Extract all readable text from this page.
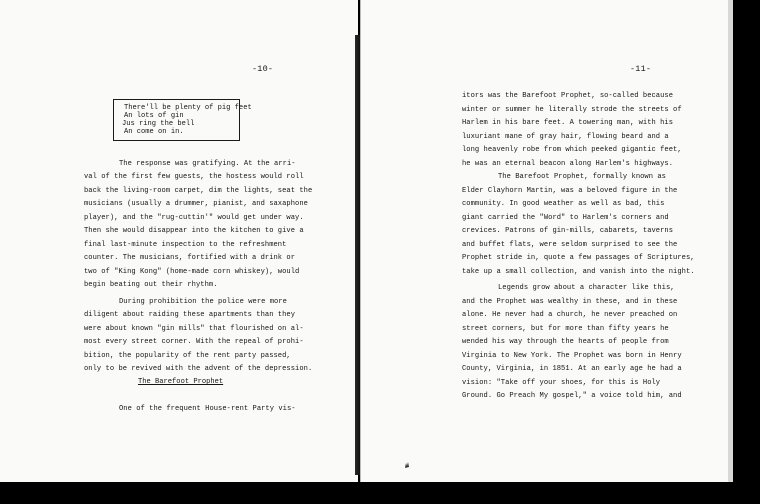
-10-
There'll be plenty of pig feet
An lots of gin
Jus ring the bell
An come on in.
The response was gratifying. At the arri-
val of the first few guests, the hostess would roll
back the living-room carpet, dim the lights, seat the
musicians (usually a drummer, pianist, and saxaphone
player), and the "rug-cuttin'" would get under way.
Then she would disappear into the kitchen to give a
final last-minute inspection to the refreshment
counter. The musicians, fortified with a drink or
two of "King Kong" (home-made corn whiskey), would
begin beating out their rhythm.
During prohibition the police were more
diligent about raiding these apartments than they
were about known "gin mills" that flourished on al-
most every street corner. With the repeal of prohi-
bition, the popularity of the rent party passed,
only to be revived with the advent of the depression.
The Barefoot Prophet
One of the frequent House-rent Party vis-
-11-
itors was the Barefoot Prophet, so-called because
winter or summer he literally strode the streets of
Harlem in his bare feet. A towering man, with his
luxuriant mane of gray hair, flowing beard and a
long heavenly robe from which peeked gigantic feet,
he was an eternal beacon along Harlem's highways.
The Barefoot Prophet, formally known as
Elder Clayhorn Martin, was a beloved figure in the
community. In good weather as well as bad, this
giant carried the "Word" to Harlem's corners and
crevices. Patrons of gin-mills, cabarets, taverns
and buffet flats, were seldom surprised to see the
Prophet stride in, quote a few passages of Scriptures,
take up a small collection, and vanish into the night.
Legends grow about a character like this,
and the Prophet was wealthy in these, and in these
alone. He never had a church, he never preached on
street corners, but for more than fifty years he
wended his way through the hearts of people from
Virginia to New York. The Prophet was born in Henry
County, Virginia, in 1851. At an early age he had a
vision: "Take off your shoes, for this is Holy
Ground. Go Preach My gospel," a voice told him, and
